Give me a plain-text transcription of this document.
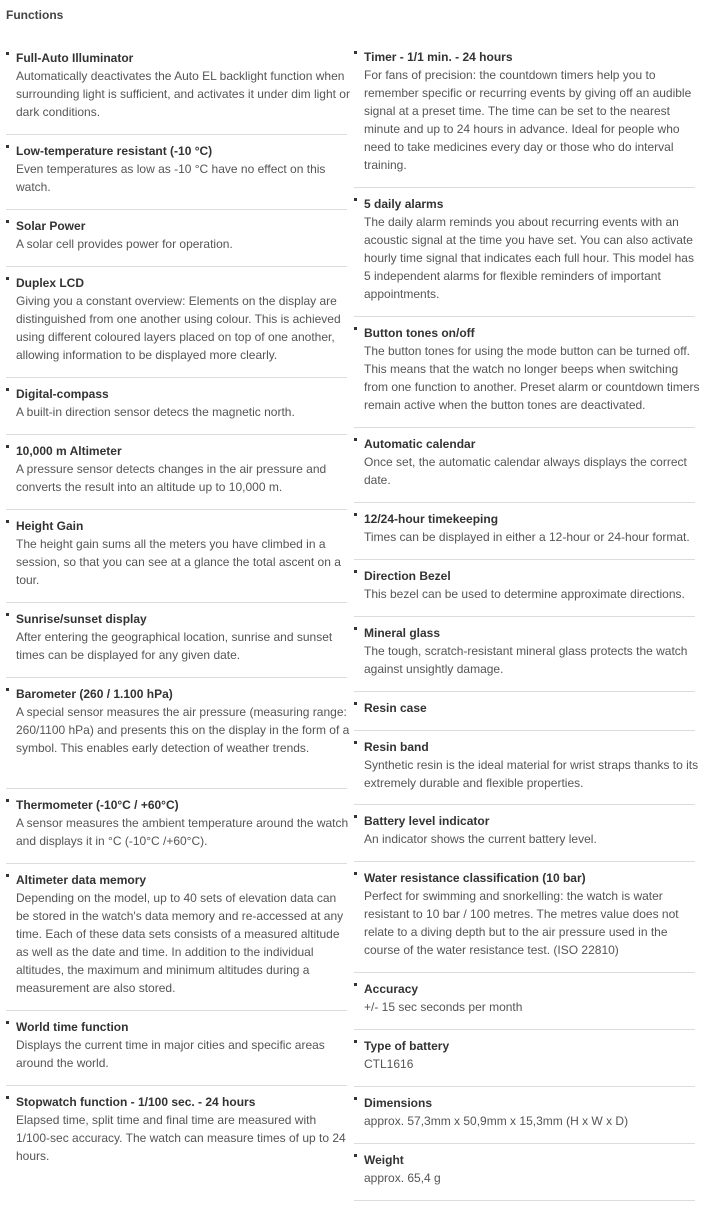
Functions
Full-Auto Illuminator

Automatically deactivates the Auto EL backlight function when surrounding light is sufficient, and activates it under dim light or dark conditions.

Low-temperature resistant (-10 °C)

Even temperatures as low as -10 °C have no effect on this watch.

Solar Power

A solar cell provides power for operation.

Duplex LCD

Giving you a constant overview: Elements on the display are distinguished from one another using colour. This is achieved using different coloured layers placed on top of one another, allowing information to be displayed more clearly.

Digital-compass

A built-in direction sensor detecs the magnetic north.

10,000 m Altimeter

A pressure sensor detects changes in the air pressure and converts the result into an altitude up to 10,000 m.

Height Gain

The height gain sums all the meters you have climbed in a session, so that you can see at a glance the total ascent on a tour.

Sunrise/sunset display

After entering the geographical location, sunrise and sunset times can be displayed for any given date.

Barometer (260 / 1.100 hPa)

A special sensor measures the air pressure (measuring range: 260/1100 hPa) and presents this on the display in the form of a symbol. This enables early detection of weather trends.

Thermometer (-10°C / +60°C)

A sensor measures the ambient temperature around the watch and displays it in °C (-10°C /+60°C).

Altimeter data memory

Depending on the model, up to 40 sets of elevation data can be stored in the watch's data memory and re-accessed at any time. Each of these data sets consists of a measured altitude as well as the date and time. In addition to the individual altitudes, the maximum and minimum altitudes during a measurement are also stored.

World time function

Displays the current time in major cities and specific areas around the world.

Stopwatch function - 1/100 sec. - 24 hours

Elapsed time, split time and final time are measured with 1/100-sec accuracy. The watch can measure times of up to 24 hours.

Timer - 1/1 min. - 24 hours

For fans of precision: the countdown timers help you to remember specific or recurring events by giving off an audible signal at a preset time. The time can be set to the nearest minute and up to 24 hours in advance. Ideal for people who need to take medicines every day or those who do interval training.

5 daily alarms

The daily alarm reminds you about recurring events with an acoustic signal at the time you have set. You can also activate hourly time signal that indicates each full hour. This model has 5 independent alarms for flexible reminders of important appointments.

Button tones on/off

The button tones for using the mode button can be turned off. This means that the watch no longer beeps when switching from one function to another. Preset alarm or countdown timers remain active when the button tones are deactivated.

Automatic calendar

Once set, the automatic calendar always displays the correct date.

12/24-hour timekeeping

Times can be displayed in either a 12-hour or 24-hour format.

Direction Bezel

This bezel can be used to determine approximate directions.

Mineral glass

The tough, scratch-resistant mineral glass protects the watch against unsightly damage.

Resin case
Resin band

Synthetic resin is the ideal material for wrist straps thanks to its extremely durable and flexible properties.

Battery level indicator

An indicator shows the current battery level.

Water resistance classification (10 bar)

Perfect for swimming and snorkelling: the watch is water resistant to 10 bar / 100 metres. The metres value does not relate to a diving depth but to the air pressure used in the course of the water resistance test. (ISO 22810)

Accuracy

+/- 15 sec seconds per month

Type of battery

CTL1616

Dimensions

approx. 57,3mm x 50,9mm x 15,3mm (H x W x D)

Weight

approx. 65,4 g
